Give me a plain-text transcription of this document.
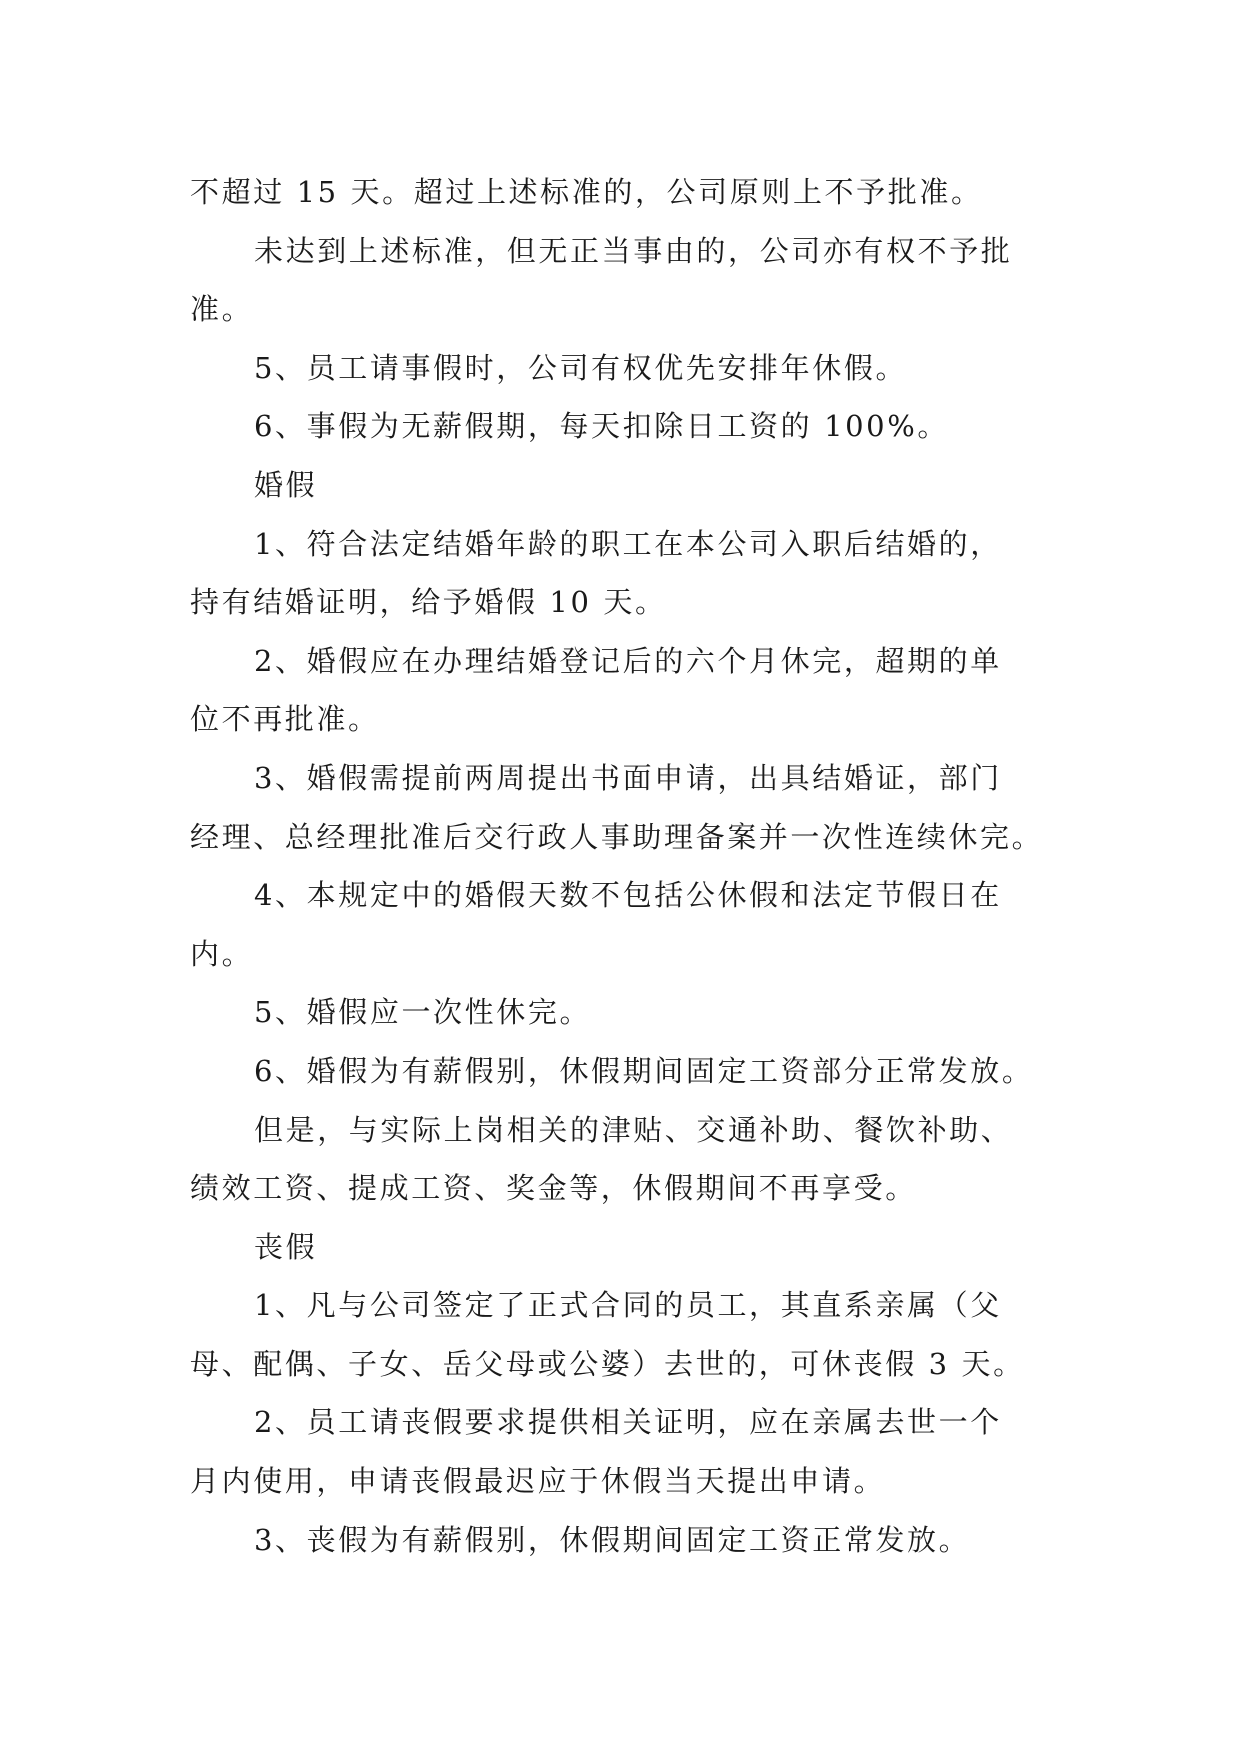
不超过 15 天。超过上述标准的，公司原则上不予批准。
未达到上述标准，但无正当事由的，公司亦有权不予批
准。
5、员工请事假时，公司有权优先安排年休假。
6、事假为无薪假期，每天扣除日工资的 100%。
婚假
1、符合法定结婚年龄的职工在本公司入职后结婚的，
持有结婚证明，给予婚假 10 天。
2、婚假应在办理结婚登记后的六个月休完，超期的单
位不再批准。
3、婚假需提前两周提出书面申请，出具结婚证，部门
经理、总经理批准后交行政人事助理备案并一次性连续休完。
4、本规定中的婚假天数不包括公休假和法定节假日在
内。
5、婚假应一次性休完。
6、婚假为有薪假别，休假期间固定工资部分正常发放。
但是，与实际上岗相关的津贴、交通补助、餐饮补助、
绩效工资、提成工资、奖金等，休假期间不再享受。
丧假
1、凡与公司签定了正式合同的员工，其直系亲属（父
母、配偶、子女、岳父母或公婆）去世的，可休丧假 3 天。
2、员工请丧假要求提供相关证明，应在亲属去世一个
月内使用，申请丧假最迟应于休假当天提出申请。
3、丧假为有薪假别，休假期间固定工资正常发放。
